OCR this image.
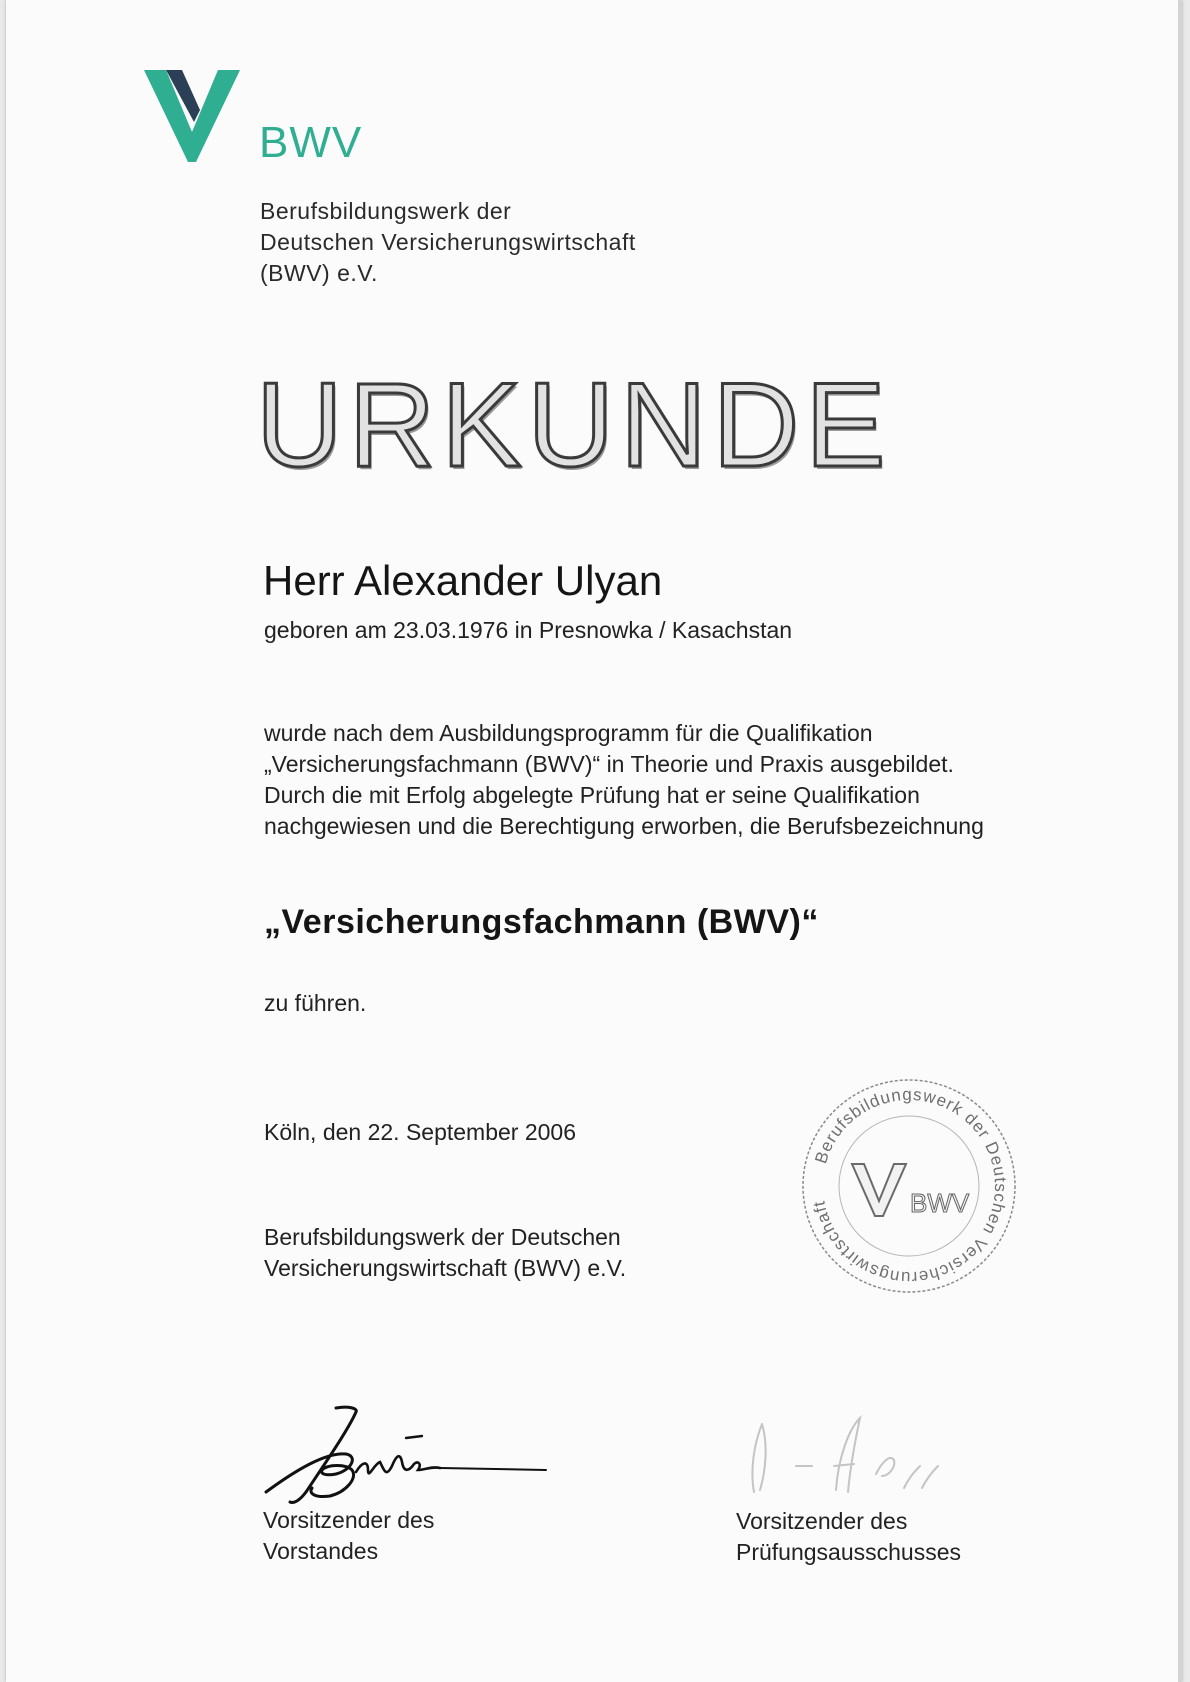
BWV
Berufsbildungswerk der
Deutschen Versicherungswirtschaft
(BWV) e.V.
URKUNDE
Herr Alexander Ulyan
geboren am 23.03.1976 in Presnowka / Kasachstan
wurde nach dem Ausbildungsprogramm für die Qualifikation
„Versicherungsfachmann (BWV)“ in Theorie und Praxis ausgebildet.
Durch die mit Erfolg abgelegte Prüfung hat er seine Qualifikation
nachgewiesen und die Berechtigung erworben, die Berufsbezeichnung
„Versicherungsfachmann (BWV)“
zu führen.
Köln, den 22. September 2006
Berufsbildungswerk der Deutschen
Versicherungswirtschaft (BWV) e.V.
Berufsbildungswerk der Deutschen Versicherungswirtschaft	BWV
Vorsitzender des
Vorstandes
Vorsitzender des
Prüfungsausschusses
